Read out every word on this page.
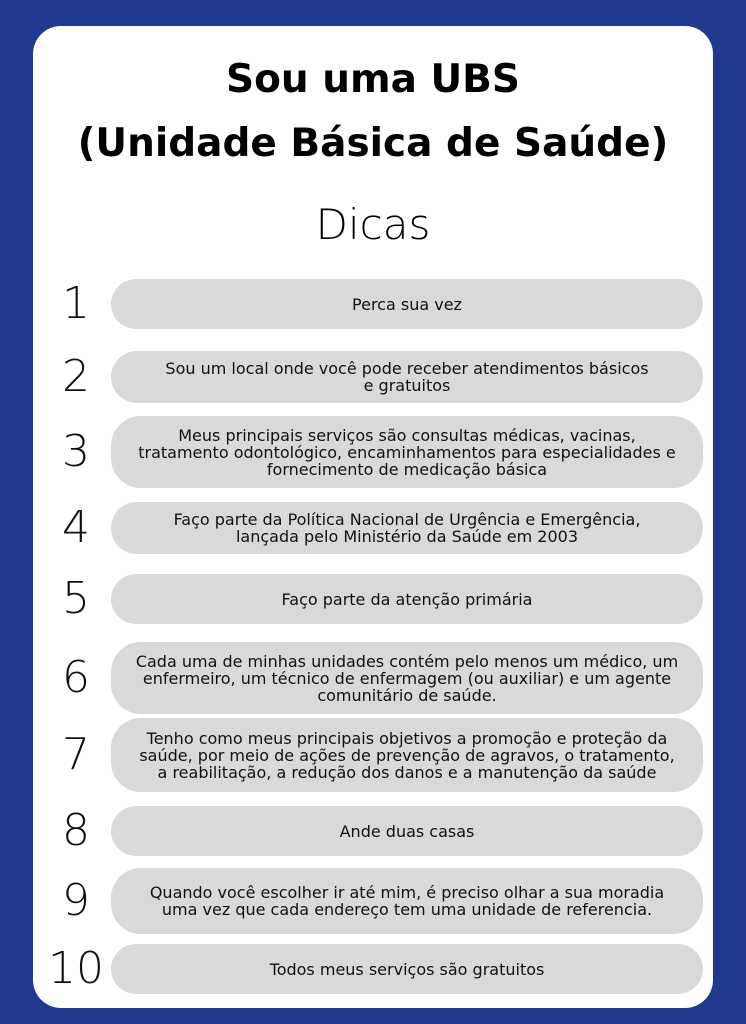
Sou uma UBS
(Unidade Básica de Saúde)
Dicas
1	Perca sua vez
2	Sou um local onde você pode receber atendimentos básicos
e gratuitos
3	Meus principais serviços são consultas médicas, vacinas,
tratamento odontológico, encaminhamentos para especialidades e
fornecimento de medicação básica
4	Faço parte da Política Nacional de Urgência e Emergência,
lançada pelo Ministério da Saúde em 2003
5	Faço parte da atenção primária
6	Cada uma de minhas unidades contém pelo menos um médico, um
enfermeiro, um técnico de enfermagem (ou auxiliar) e um agente
comunitário de saúde.
7	Tenho como meus principais objetivos a promoção e proteção da
saúde, por meio de ações de prevenção de agravos, o tratamento,
a reabilitação, a redução dos danos e a manutenção da saúde
8	Ande duas casas
9	Quando você escolher ir até mim, é preciso olhar a sua moradia
uma vez que cada endereço tem uma unidade de referencia.
10	Todos meus serviços são gratuitos
